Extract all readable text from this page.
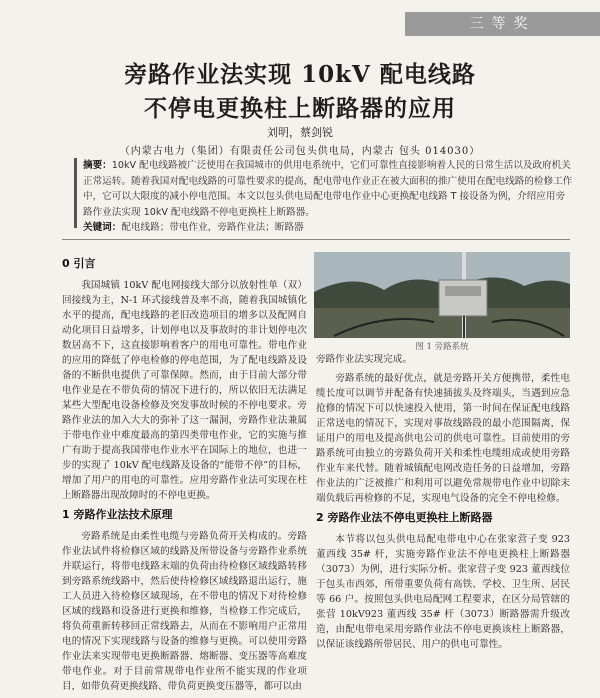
三等奖
旁路作业法实现 10kV 配电线路
不停电更换柱上断路器的应用
刘明，蔡剑锐
（内蒙古电力（集团）有限责任公司包头供电局，内蒙古 包头 014030）
摘要：10kV 配电线路被广泛使用在我国城市的供用电系统中，它们可靠性直接影响着人民的日常生活以及政府机关正常运转。随着我国对配电线路的可靠性要求的提高，配电带电作业正在被大面积的推广使用在配电线路的检修工作中，它可以大限度的减小停电范围。本文以包头供电局配电带电作业中心更换配电线路 T 接设备为例，介绍应用旁路作业法实现 10kV 配电线路不停电更换柱上断路器。
关键词：配电线路；带电作业，旁路作业法；断路器
0 引言

我国城镇 10kV 配电网接线大部分以放射性单（双）回接线为主，N-1 环式接线普及率不高，随着我国城镇化水平的提高，配电线路的老旧改造项目的增多以及配网自动化项目日益增多，计划停电以及事故时的非计划停电次数居高不下，这直接影响着客户的用电可靠性。带电作业的应用的降低了停电检修的停电范围，为了配电线路及设备的不断供电提供了可靠保障。然而，由于目前大部分带电作业是在不带负荷的情况下进行的，所以依旧无法满足某些大型配电设备检修及突发事故时候的不停电要求。旁路作业法的加入大大的弥补了这一漏洞，旁路作业法兼属于带电作业中难度最高的第四类带电作业，它的实施与推广有助于提高我国带电作业水平在国际上的地位，也进一步的实现了 10kV 配电线路及设备的“能带不停”的目标，增加了用户的用电的可靠性。应用旁路作业法可实现在柱上断路器出现故障时的不停电更换。

1 旁路作业法技术原理

旁路系统是由柔性电缆与旁路负荷开关构成的。旁路作业法试件将检修区域的线路及所带设备与旁路作业系统并联运行，将带电线路末端的负荷由待检修区域线路转移到旁路系统线路中，然后使待检修区域线路退出运行，施工人员进入待检修区域现场，在不带电的情况下对待检修区域的线路和设备进行更换和维修，当检修工作完成后，将负荷重新转移回正常线路去，从而在不影响用户正常用电的情况下实现线路与设备的维修与更换。可以使用旁路作业法来实现带电更换断路器、熔断器、变压器等高难度带电作业。对于目前常规带电作业所不能实现的作业项目，如带负荷更换线路、带负荷更换变压器等，都可以由

图 1 旁路系统

旁路作业法实现完成。

旁路系统的最好优点，就是旁路开关方便携带，柔性电缆长度可以调节并配备有快速插拔头及终端头，当遇到应急抢修的情况下可以快速投入使用，第一时间在保证配电线路正常送电的情况下，实现对事故线路段的最小范围隔离，保证用户的用电及提高供电公司的供电可靠性。目前使用的旁路系统可由独立的旁路负荷开关和柔性电缆组成或使用旁路作业车来代替。随着城镇配电网改造任务的日益增加，旁路作业法的广泛被推广和利用可以避免常规带电作业中切除末端负载后再检修的不足，实现电气设备的完全不停电检修。

2 旁路作业法不停电更换柱上断路器

本节将以包头供电局配电带电中心在张家营子变 923 董西线 35# 杆，实施旁路作业法不停电更换柱上断路器（3073）为例，进行实际分析。张家营子变 923 董西线位于包头市西郊，所带重要负荷有高铁、学校、卫生所、居民等 66 户。按照包头供电局配网工程要求，在区分局管辖的张营 10kV923 董西线 35# 杆（3073）断路器需升级改造，由配电带电采用旁路作业法不停电更换该柱上断路器，以保证该线路所带居民、用户的供电可靠性。
